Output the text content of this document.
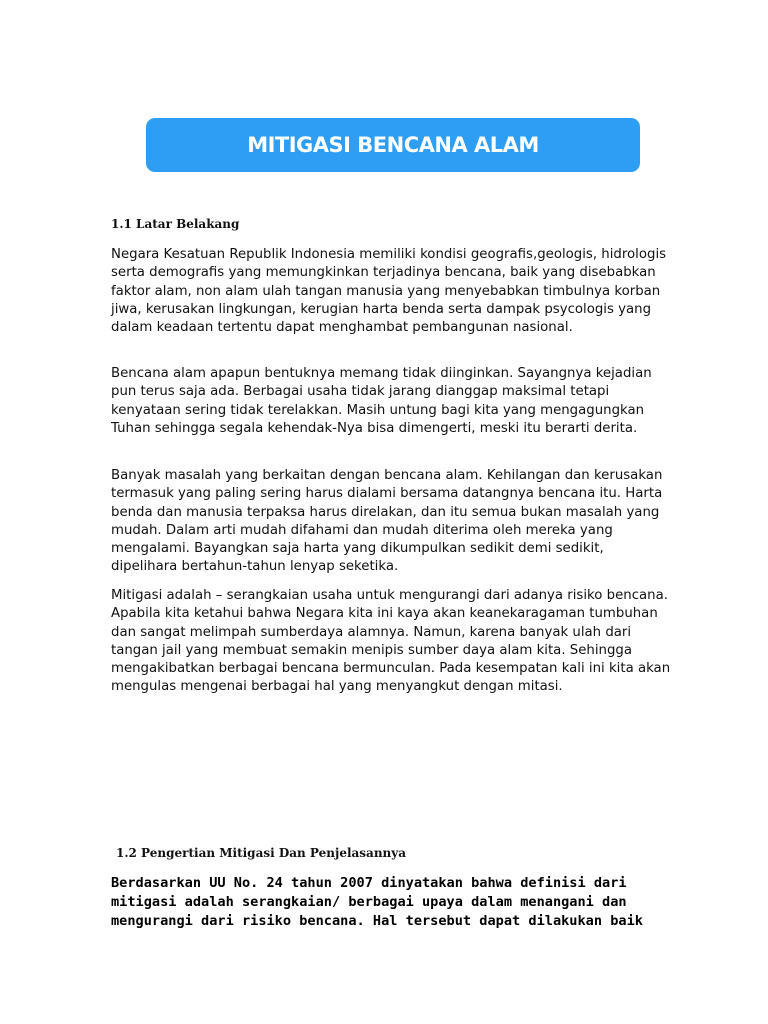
MITIGASI BENCANA ALAM
1.1 Latar Belakang

Negara Kesatuan Republik Indonesia memiliki kondisi geografis,geologis, hidrologis serta demografis yang memungkinkan terjadinya bencana, baik yang disebabkan faktor alam, non alam ulah tangan manusia yang menyebabkan timbulnya korban jiwa, kerusakan lingkungan, kerugian harta benda serta dampak psycologis yang dalam keadaan tertentu dapat menghambat pembangunan nasional.

Bencana alam apapun bentuknya memang tidak diinginkan. Sayangnya kejadian pun terus saja ada. Berbagai usaha tidak jarang dianggap maksimal tetapi kenyataan sering tidak terelakkan. Masih untung bagi kita yang mengagungkan Tuhan sehingga segala kehendak-Nya bisa dimengerti, meski itu berarti derita.

Banyak masalah yang berkaitan dengan bencana alam. Kehilangan dan kerusakan termasuk yang paling sering harus dialami bersama datangnya bencana itu. Harta benda dan manusia terpaksa harus direlakan, dan itu semua bukan masalah yang mudah. Dalam arti mudah difahami dan mudah diterima oleh mereka yang mengalami. Bayangkan saja harta yang dikumpulkan sedikit demi sedikit, dipelihara bertahun-tahun lenyap seketika.

Mitigasi adalah – serangkaian usaha untuk mengurangi dari adanya risiko bencana. Apabila kita ketahui bahwa Negara kita ini kaya akan keanekaragaman tumbuhan dan sangat melimpah sumberdaya alamnya. Namun, karena banyak ulah dari tangan jail yang membuat semakin menipis sumber daya alam kita. Sehingga mengakibatkan berbagai bencana bermunculan. Pada kesempatan kali ini kita akan mengulas mengenai berbagai hal yang menyangkut dengan mitasi.

1.2 Pengertian Mitigasi Dan Penjelasannya

Berdasarkan UU No. 24 tahun 2007 dinyatakan bahwa definisi dari mitigasi adalah serangkaian/ berbagai upaya dalam menangani dan mengurangi dari risiko bencana. Hal tersebut dapat dilakukan baik
